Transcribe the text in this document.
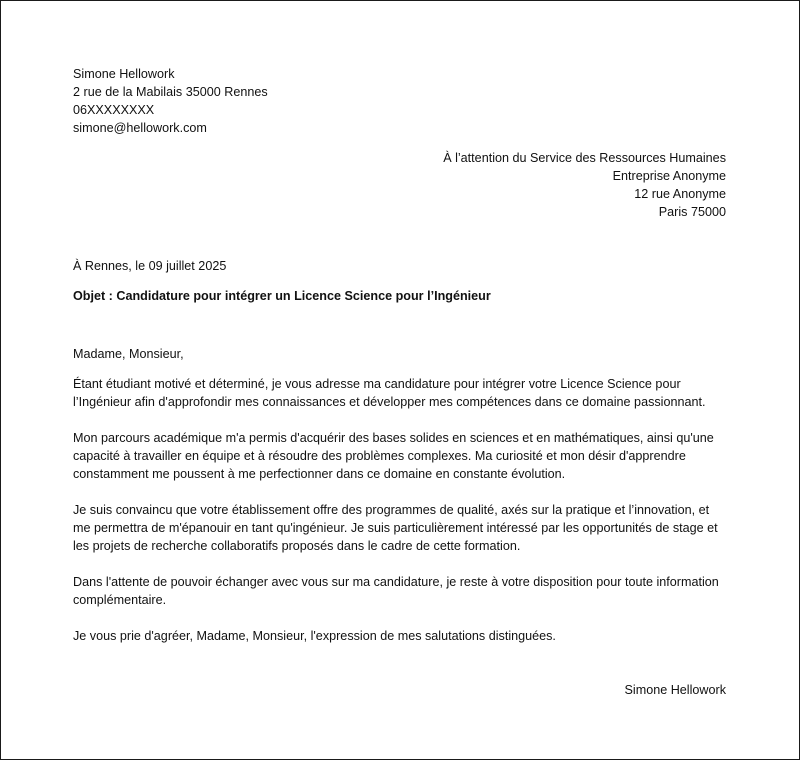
Simone Hellowork

2 rue de la Mabilais 35000 Rennes

06XXXXXXXX

simone@hellowork.com

À l’attention du Service des Ressources Humaines

Entreprise Anonyme

12 rue Anonyme

Paris 75000

À Rennes, le 09 juillet 2025

Objet : Candidature pour intégrer un Licence Science pour l’Ingénieur

Madame, Monsieur,

Étant étudiant motivé et déterminé, je vous adresse ma candidature pour intégrer votre Licence Science pour l’Ingénieur afin d'approfondir mes connaissances et développer mes compétences dans ce domaine passionnant.

Mon parcours académique m'a permis d'acquérir des bases solides en sciences et en mathématiques, ainsi qu'une capacité à travailler en équipe et à résoudre des problèmes complexes. Ma curiosité et mon désir d'apprendre constamment me poussent à me perfectionner dans ce domaine en constante évolution.

Je suis convaincu que votre établissement offre des programmes de qualité, axés sur la pratique et l’innovation, et me permettra de m'épanouir en tant qu'ingénieur. Je suis particulièrement intéressé par les opportunités de stage et les projets de recherche collaboratifs proposés dans le cadre de cette formation.

Dans l'attente de pouvoir échanger avec vous sur ma candidature, je reste à votre disposition pour toute information complémentaire.

Je vous prie d'agréer, Madame, Monsieur, l'expression de mes salutations distinguées.

Simone Hellowork
